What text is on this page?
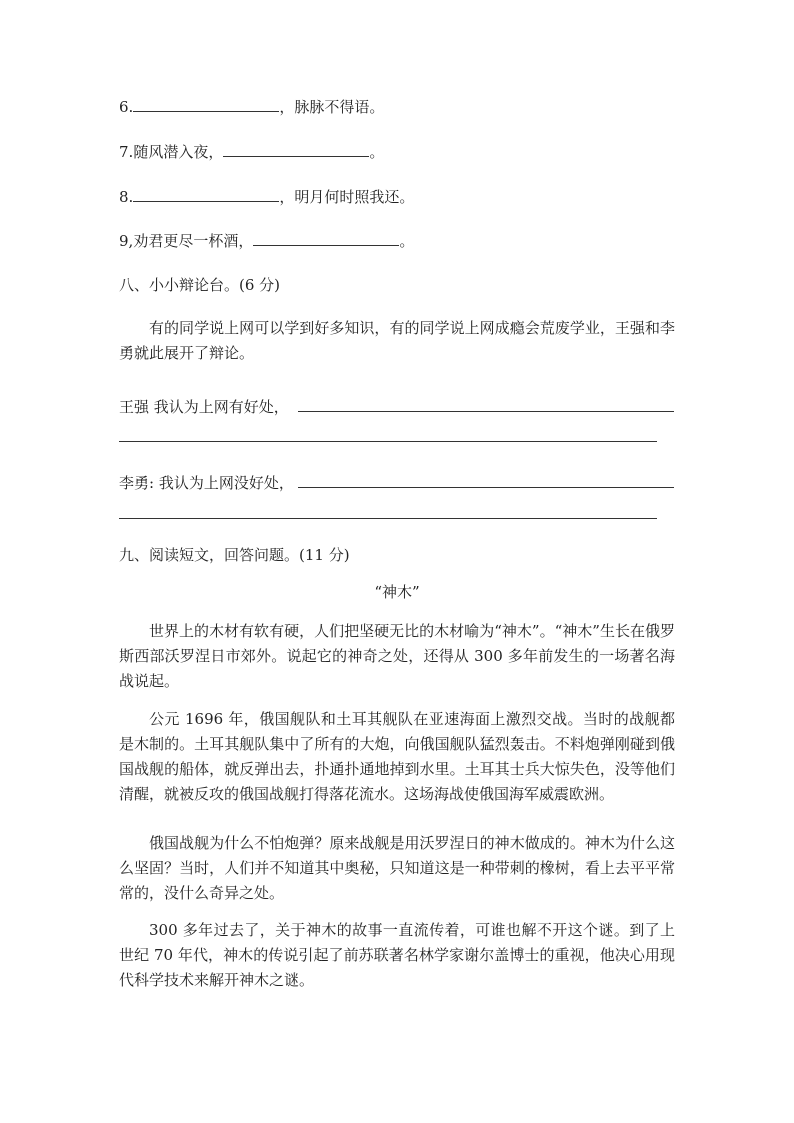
6.	，脉脉不得语。
7.随风潜入夜，	。
8.	，明月何时照我还。
9,劝君更尽一杯酒，	。
八、小小辩论台。(6 分)
有的同学说上网可以学到好多知识，有的同学说上网成瘾会荒废学业，王强和李勇就此展开了辩论。
王强 我认为上网有好处，
李勇: 我认为上网没好处，
九、阅读短文，回答问题。(11 分)
“神木”
世界上的木材有软有硬，人们把坚硬无比的木材喻为“神木”。“神木”生长在俄罗斯西部沃罗涅日市郊外。说起它的神奇之处，还得从 300 多年前发生的一场著名海战说起。
公元 1696 年，俄国舰队和土耳其舰队在亚速海面上激烈交战。当时的战舰都是木制的。土耳其舰队集中了所有的大炮，向俄国舰队猛烈轰击。不料炮弹刚碰到俄国战舰的船体，就反弹出去，扑通扑通地掉到水里。土耳其士兵大惊失色，没等他们清醒，就被反攻的俄国战舰打得落花流水。这场海战使俄国海军威震欧洲。
俄国战舰为什么不怕炮弹？原来战舰是用沃罗涅日的神木做成的。神木为什么这么坚固？当时，人们并不知道其中奥秘，只知道这是一种带刺的橡树，看上去平平常常的，没什么奇异之处。
300 多年过去了，关于神木的故事一直流传着，可谁也解不开这个谜。到了上世纪 70 年代，神木的传说引起了前苏联著名林学家谢尔盖博士的重视，他决心用现代科学技术来解开神木之谜。
